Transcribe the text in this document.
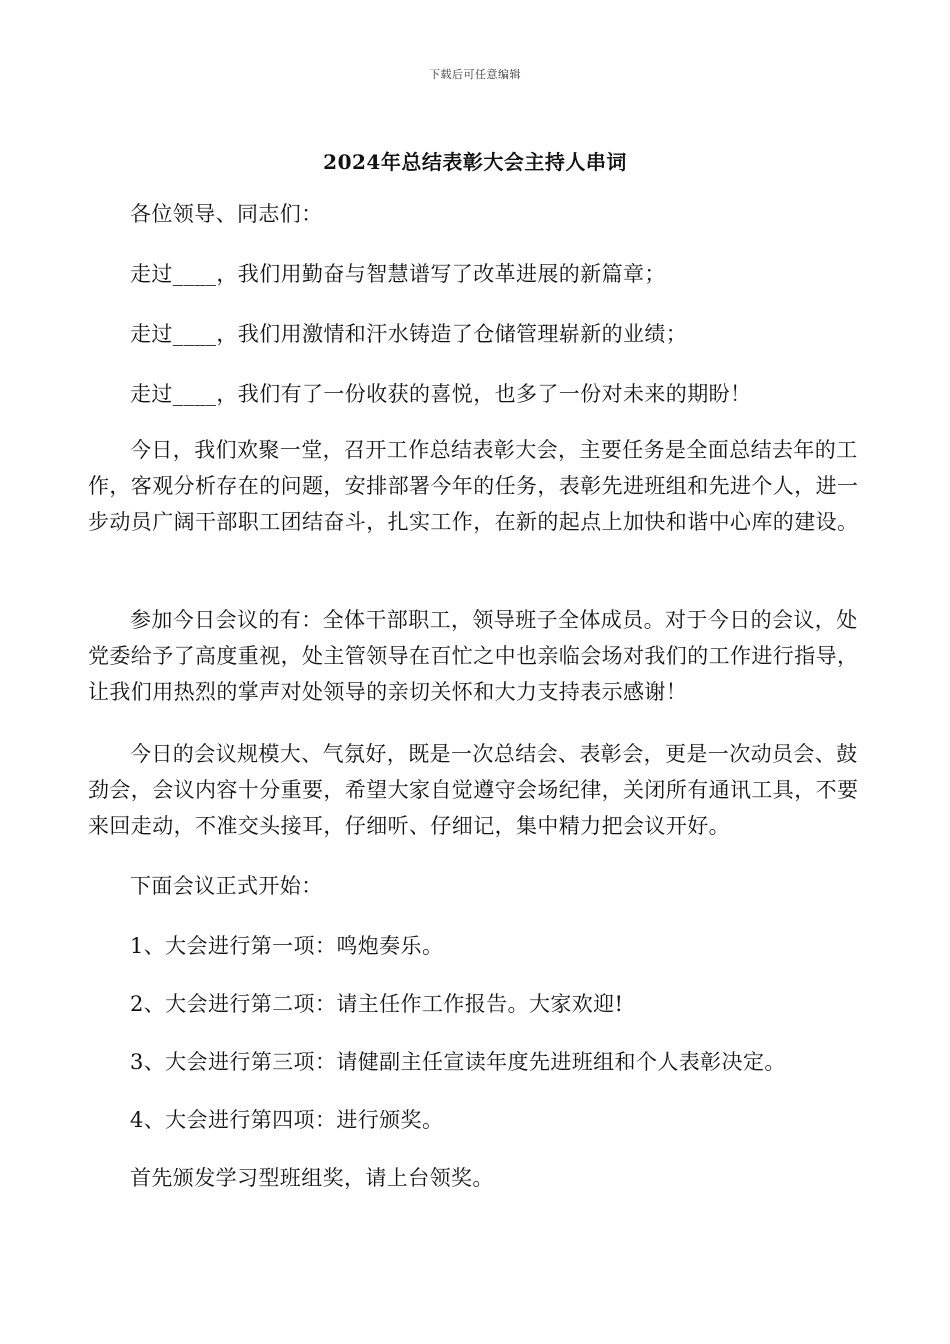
下载后可任意编辑
2024年总结表彰大会主持人串词

各位领导、同志们：

走过____，我们用勤奋与智慧谱写了改革进展的新篇章；

走过____，我们用激情和汗水铸造了仓储管理崭新的业绩；

走过____，我们有了一份收获的喜悦，也多了一份对未来的期盼！

今日，我们欢聚一堂，召开工作总结表彰大会，主要任务是全面总结去年的工作，客观分析存在的问题，安排部署今年的任务，表彰先进班组和先进个人，进一步动员广阔干部职工团结奋斗，扎实工作，在新的起点上加快和谐中心库的建设。

参加今日会议的有：全体干部职工，领导班子全体成员。对于今日的会议，处党委给予了高度重视，处主管领导在百忙之中也亲临会场对我们的工作进行指导，让我们用热烈的掌声对处领导的亲切关怀和大力支持表示感谢！

今日的会议规模大、气氛好，既是一次总结会、表彰会，更是一次动员会、鼓劲会，会议内容十分重要，希望大家自觉遵守会场纪律，关闭所有通讯工具，不要来回走动，不准交头接耳，仔细听、仔细记，集中精力把会议开好。

下面会议正式开始：

1、大会进行第一项：鸣炮奏乐。

2、大会进行第二项：请主任作工作报告。大家欢迎!

3、大会进行第三项：请健副主任宣读年度先进班组和个人表彰决定。

4、大会进行第四项：进行颁奖。

首先颁发学习型班组奖，请上台领奖。
